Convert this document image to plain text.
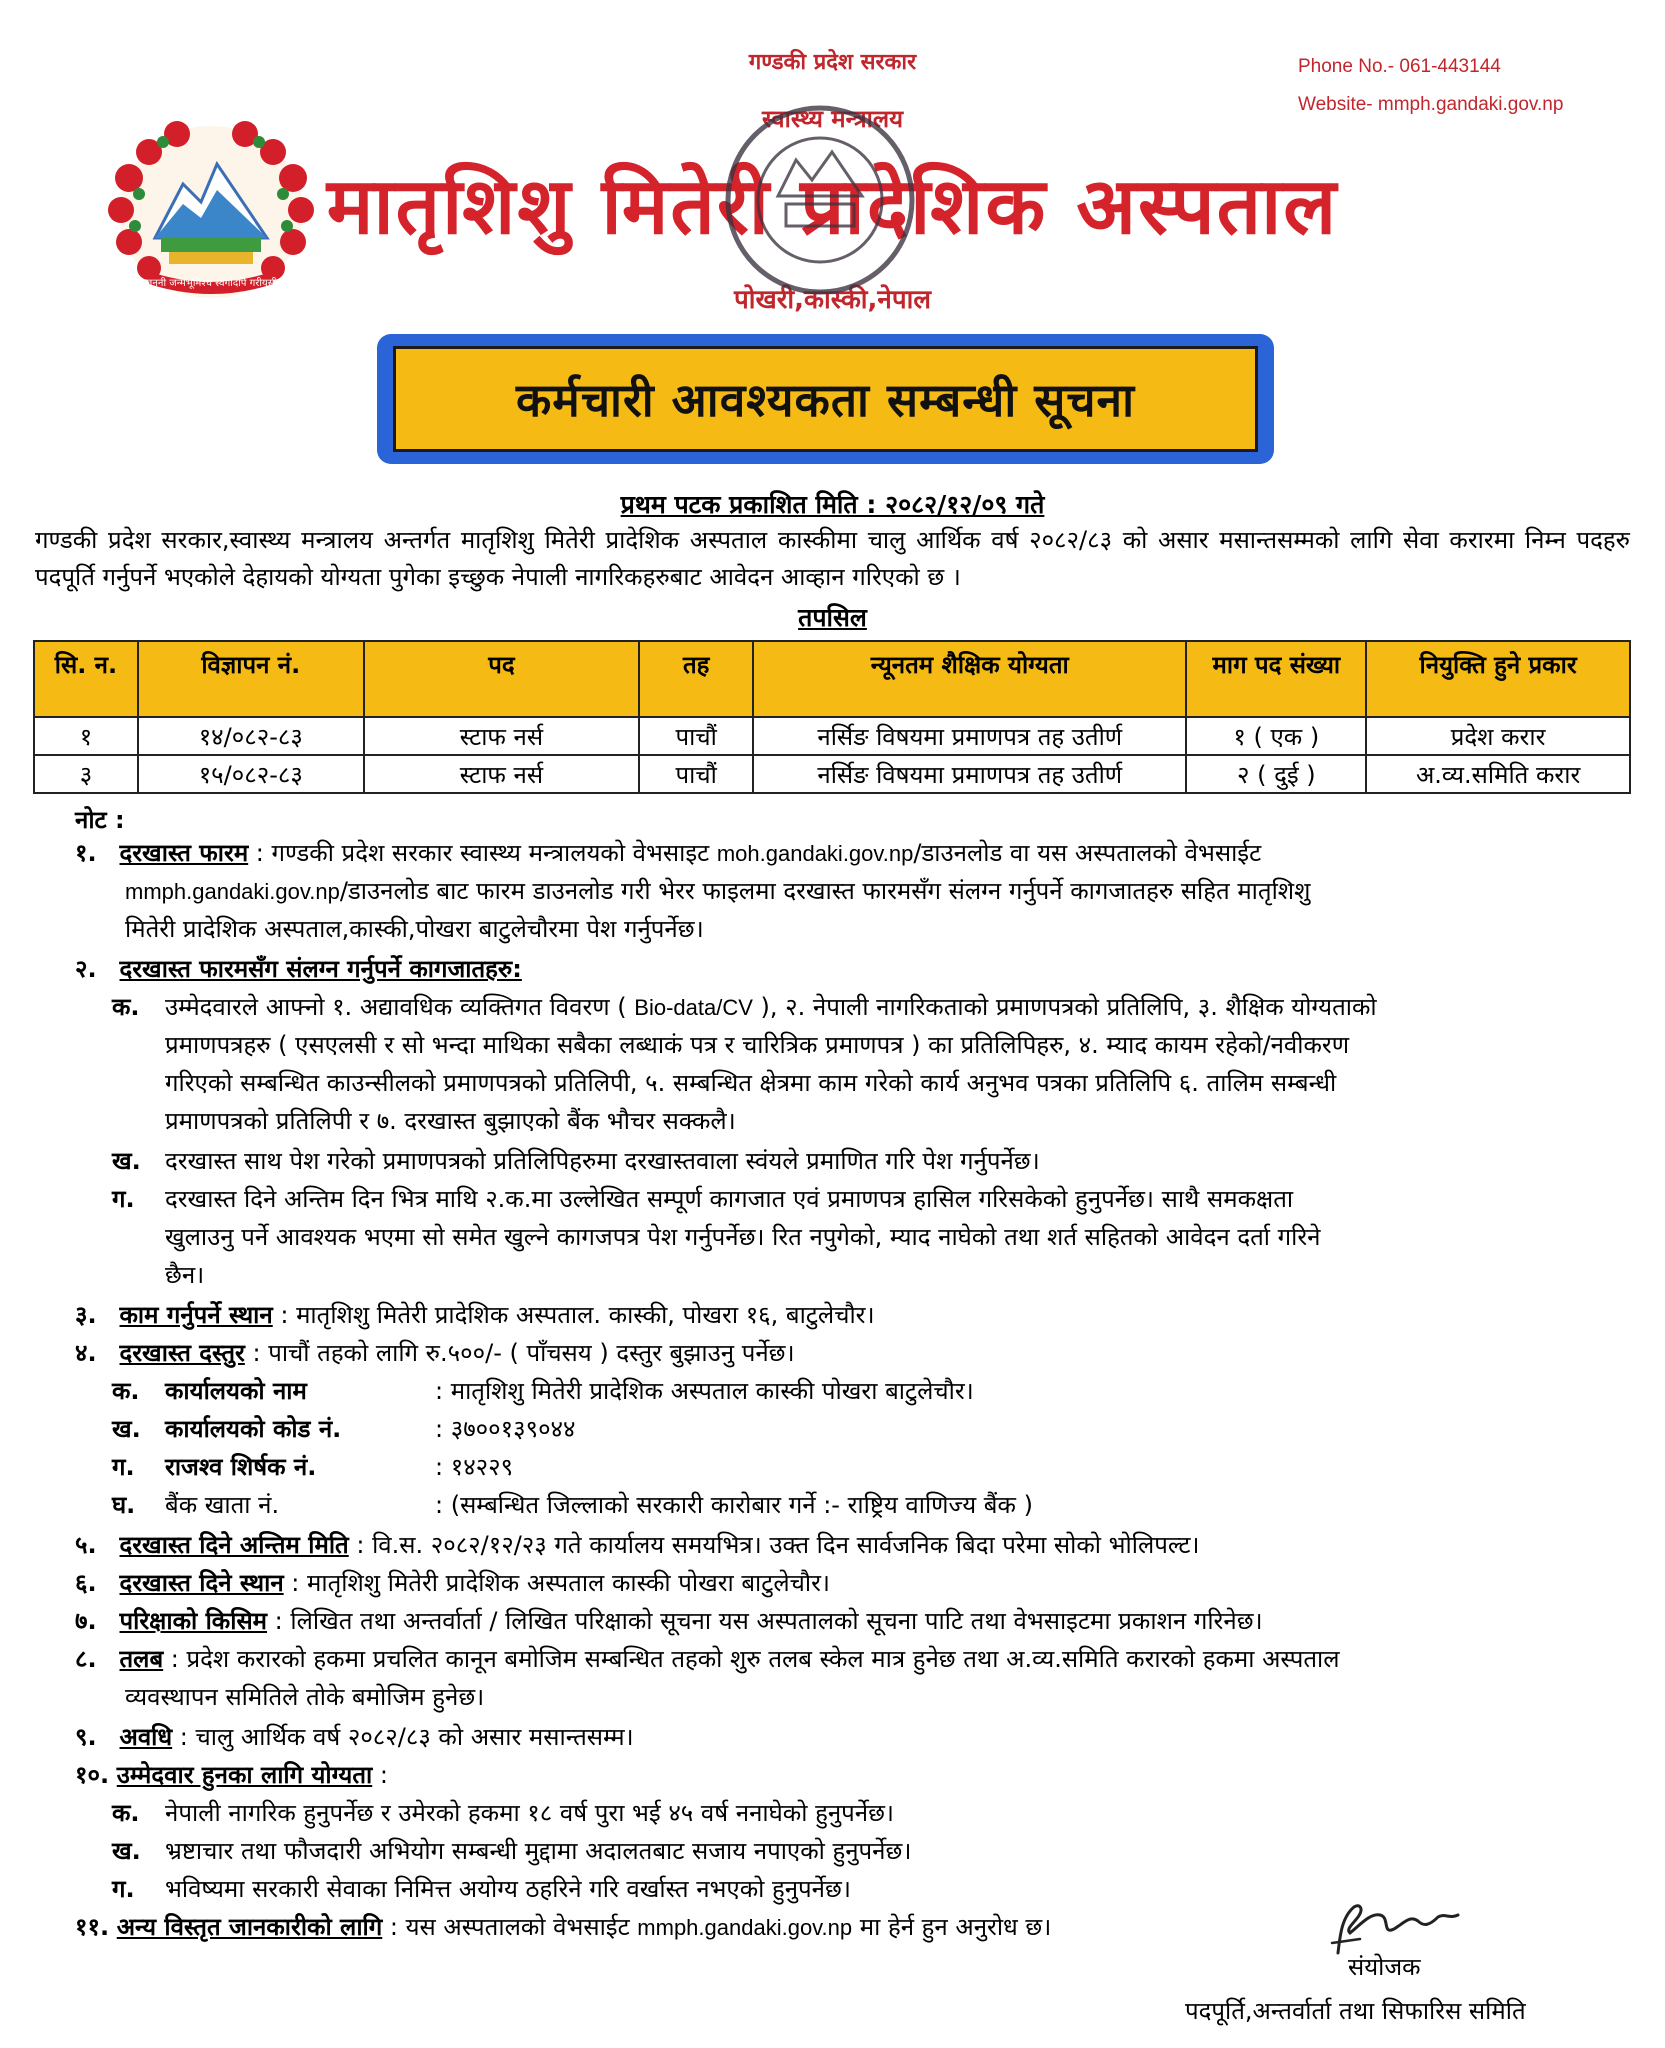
गण्डकी प्रदेश सरकार
स्वास्थ्य मन्त्रालय
Phone No.- 061-443144
Website- mmph.gandaki.gov.np
जननी जन्मभूमिश्च स्वर्गादपि गरीयसी
मातृशिशु मितेरी प्रादेशिक अस्पताल
पोखरी,कास्की,नेपाल
कर्मचारी आवश्यकता सम्बन्धी सूचना
प्रथम पटक प्रकाशित मिति : २०८२/१२/०९ गते
गण्डकी प्रदेश सरकार,स्वास्थ्य मन्त्रालय अन्तर्गत मातृशिशु मितेरी प्रादेशिक अस्पताल कास्कीमा चालु आर्थिक वर्ष २०८२/८३ को असार मसान्तसम्मको लागि सेवा करारमा निम्न पदहरु पदपूर्ति गर्नुपर्ने भएकोले देहायको योग्यता पुगेका इच्छुक नेपाली नागरिकहरुबाट आवेदन आव्हान गरिएको छ ।
तपसिल
सि. न.	विज्ञापन नं.	पद	तह	न्यूनतम शैक्षिक योग्यता	माग पद संख्या	नियुक्ति हुने प्रकार
१	१४/०८२-८३	स्टाफ नर्स	पाचौं	नर्सिङ विषयमा प्रमाणपत्र तह उतीर्ण	१ ( एक )	प्रदेश करार
३	१५/०८२-८३	स्टाफ नर्स	पाचौं	नर्सिङ विषयमा प्रमाणपत्र तह उतीर्ण	२ ( दुई )	अ.व्य.समिति करार
नोट :
१. दरखास्त फारम : गण्डकी प्रदेश सरकार स्वास्थ्य मन्त्रालयको वेभसाइट moh.gandaki.gov.np/डाउनलोड वा यस अस्पतालको वेभसाईट
mmph.gandaki.gov.np/डाउनलोड बाट फारम डाउनलोड गरी भेरर फाइलमा दरखास्त फारमसँग संलग्न गर्नुपर्ने कागजातहरु सहित मातृशिशु
मितेरी प्रादेशिक अस्पताल,कास्की,पोखरा बाटुलेचौरमा पेश गर्नुपर्नेछ।
२. दरखास्त फारमसँग संलग्न गर्नुपर्ने कागजातहरु:
क. उम्मेदवारले आफ्नो १. अद्यावधिक व्यक्तिगत विवरण ( Bio-data/CV ), २. नेपाली नागरिकताको प्रमाणपत्रको प्रतिलिपि, ३. शैक्षिक योग्यताको
प्रमाणपत्रहरु ( एसएलसी र सो भन्दा माथिका सबैका लब्धाकं पत्र र चारित्रिक प्रमाणपत्र ) का प्रतिलिपिहरु, ४. म्याद कायम रहेको/नवीकरण
गरिएको सम्बन्धित काउन्सीलको प्रमाणपत्रको प्रतिलिपी, ५. सम्बन्धित क्षेत्रमा काम गरेको कार्य अनुभव पत्रका प्रतिलिपि ६. तालिम सम्बन्धी
प्रमाणपत्रको प्रतिलिपी र ७. दरखास्त बुझाएको बैंक भौचर सक्कलै।
ख. दरखास्त साथ पेश गरेको प्रमाणपत्रको प्रतिलिपिहरुमा दरखास्तवाला स्वंयले प्रमाणित गरि पेश गर्नुपर्नेछ।
ग. दरखास्त दिने अन्तिम दिन भित्र माथि २.क.मा उल्लेखित सम्पूर्ण कागजात एवं प्रमाणपत्र हासिल गरिसकेको हुनुपर्नेछ। साथै समकक्षता
खुलाउनु पर्ने आवश्यक भएमा सो समेत खुल्ने कागजपत्र पेश गर्नुपर्नेछ। रित नपुगेको, म्याद नाघेको तथा शर्त सहितको आवेदन दर्ता गरिने
छैन।
३. काम गर्नुपर्ने स्थान : मातृशिशु मितेरी प्रादेशिक अस्पताल. कास्की, पोखरा १६, बाटुलेचौर।
४. दरखास्त दस्तुर : पाचौं तहको लागि रु.५००/- ( पाँचसय ) दस्तुर बुझाउनु पर्नेछ।
क. कार्यालयको नाम	: मातृशिशु मितेरी प्रादेशिक अस्पताल कास्की पोखरा बाटुलेचौर।
ख. कार्यालयको कोड नं.	: ३७००१३९०४४
ग. राजश्व शिर्षक नं.	: १४२२९
घ. बैंक खाता नं.	: (सम्बन्धित जिल्लाको सरकारी कारोबार गर्ने :- राष्ट्रिय वाणिज्य बैंक )
५. दरखास्त दिने अन्तिम मिति : वि.स. २०८२/१२/२३ गते कार्यालय समयभित्र। उक्त दिन सार्वजनिक बिदा परेमा सोको भोलिपल्ट।
६. दरखास्त दिने स्थान : मातृशिशु मितेरी प्रादेशिक अस्पताल कास्की पोखरा बाटुलेचौर।
७. परिक्षाको किसिम : लिखित तथा अन्तर्वार्ता / लिखित परिक्षाको सूचना यस अस्पतालको सूचना पाटि तथा वेभसाइटमा प्रकाशन गरिनेछ।
८. तलब : प्रदेश करारको हकमा प्रचलित कानून बमोजिम सम्बन्धित तहको शुरु तलब स्केल मात्र हुनेछ तथा अ.व्य.समिति करारको हकमा अस्पताल
व्यवस्थापन समितिले तोके बमोजिम हुनेछ।
९. अवधि : चालु आर्थिक वर्ष २०८२/८३ को असार मसान्तसम्म।
१०. उम्मेदवार हुनका लागि योग्यता :
क. नेपाली नागरिक हुनुपर्नेछ र उमेरको हकमा १८ वर्ष पुरा भई ४५ वर्ष ननाघेको हुनुपर्नेछ।
ख. भ्रष्टाचार तथा फौजदारी अभियोग सम्बन्धी मुद्दामा अदालतबाट सजाय नपाएको हुनुपर्नेछ।
ग. भविष्यमा सरकारी सेवाका निमित्त अयोग्य ठहरिने गरि वर्खास्त नभएको हुनुपर्नेछ।
११. अन्य विस्तृत जानकारीको लागि : यस अस्पतालको वेभसाईट mmph.gandaki.gov.np मा हेर्न हुन अनुरोध छ।
संयोजक
पदपूर्ति,अन्तर्वार्ता तथा सिफारिस समिति
